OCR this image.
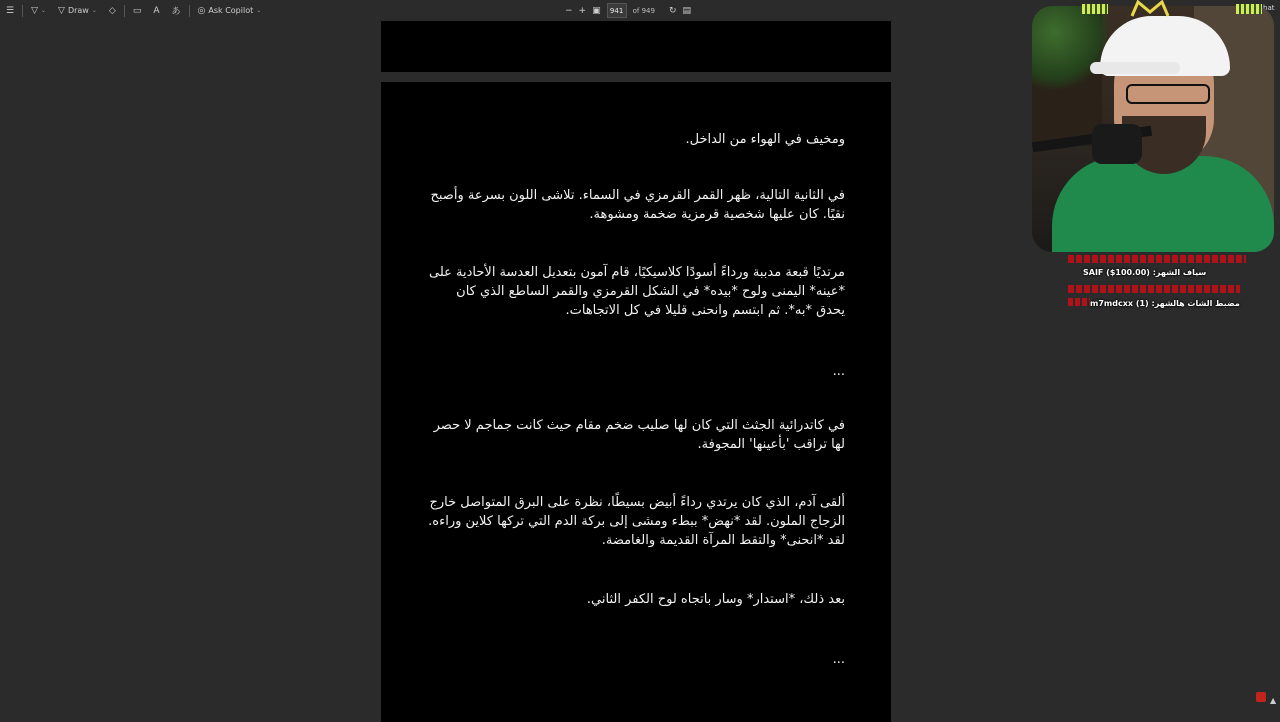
☰ ▽ ⌄ ▽ Draw ⌄ ◇ ▭ A あ ◎ Ask Copilot ⌄	− + ▣	941	of 949 ↻ ▤
ومخيف في الهواء من الداخل.
في الثانية التالية، ظهر القمر القرمزي في السماء. تلاشى اللون بسرعة وأصبح نقيًا. كان عليها شخصية قرمزية ضخمة ومشوهة.
مرتديًا قبعة مدببة ورداءً أسودًا كلاسيكيًا، قام آمون بتعديل العدسة الأحادية على *عينه* اليمنى ولوح *بيده* في الشكل القرمزي والقمر الساطع الذي كان يحدق *به*. ثم ابتسم وانحنى قليلا في كل الاتجاهات.
...
في كاتدرائية الجثث التي كان لها صليب ضخم مقام حيث كانت جماجم لا حصر لها تراقب 'بأعينها' المجوفة.
ألقى آدم، الذي كان يرتدي رداءً أبيض بسيطًا، نظرة على البرق المتواصل خارج الزجاج الملون. لقد *نهض* ببطء ومشى إلى بركة الدم التي تركها كلاين وراءه. لقد *انحنى* والتقط المرآة القديمة والغامضة.
بعد ذلك، *استدار* وسار باتجاه لوح الكفر الثاني.
...
SAIF ($100.00) :سياف الشهر
m7mdcxx (1) :مضبط الشات هالشهر
▲
